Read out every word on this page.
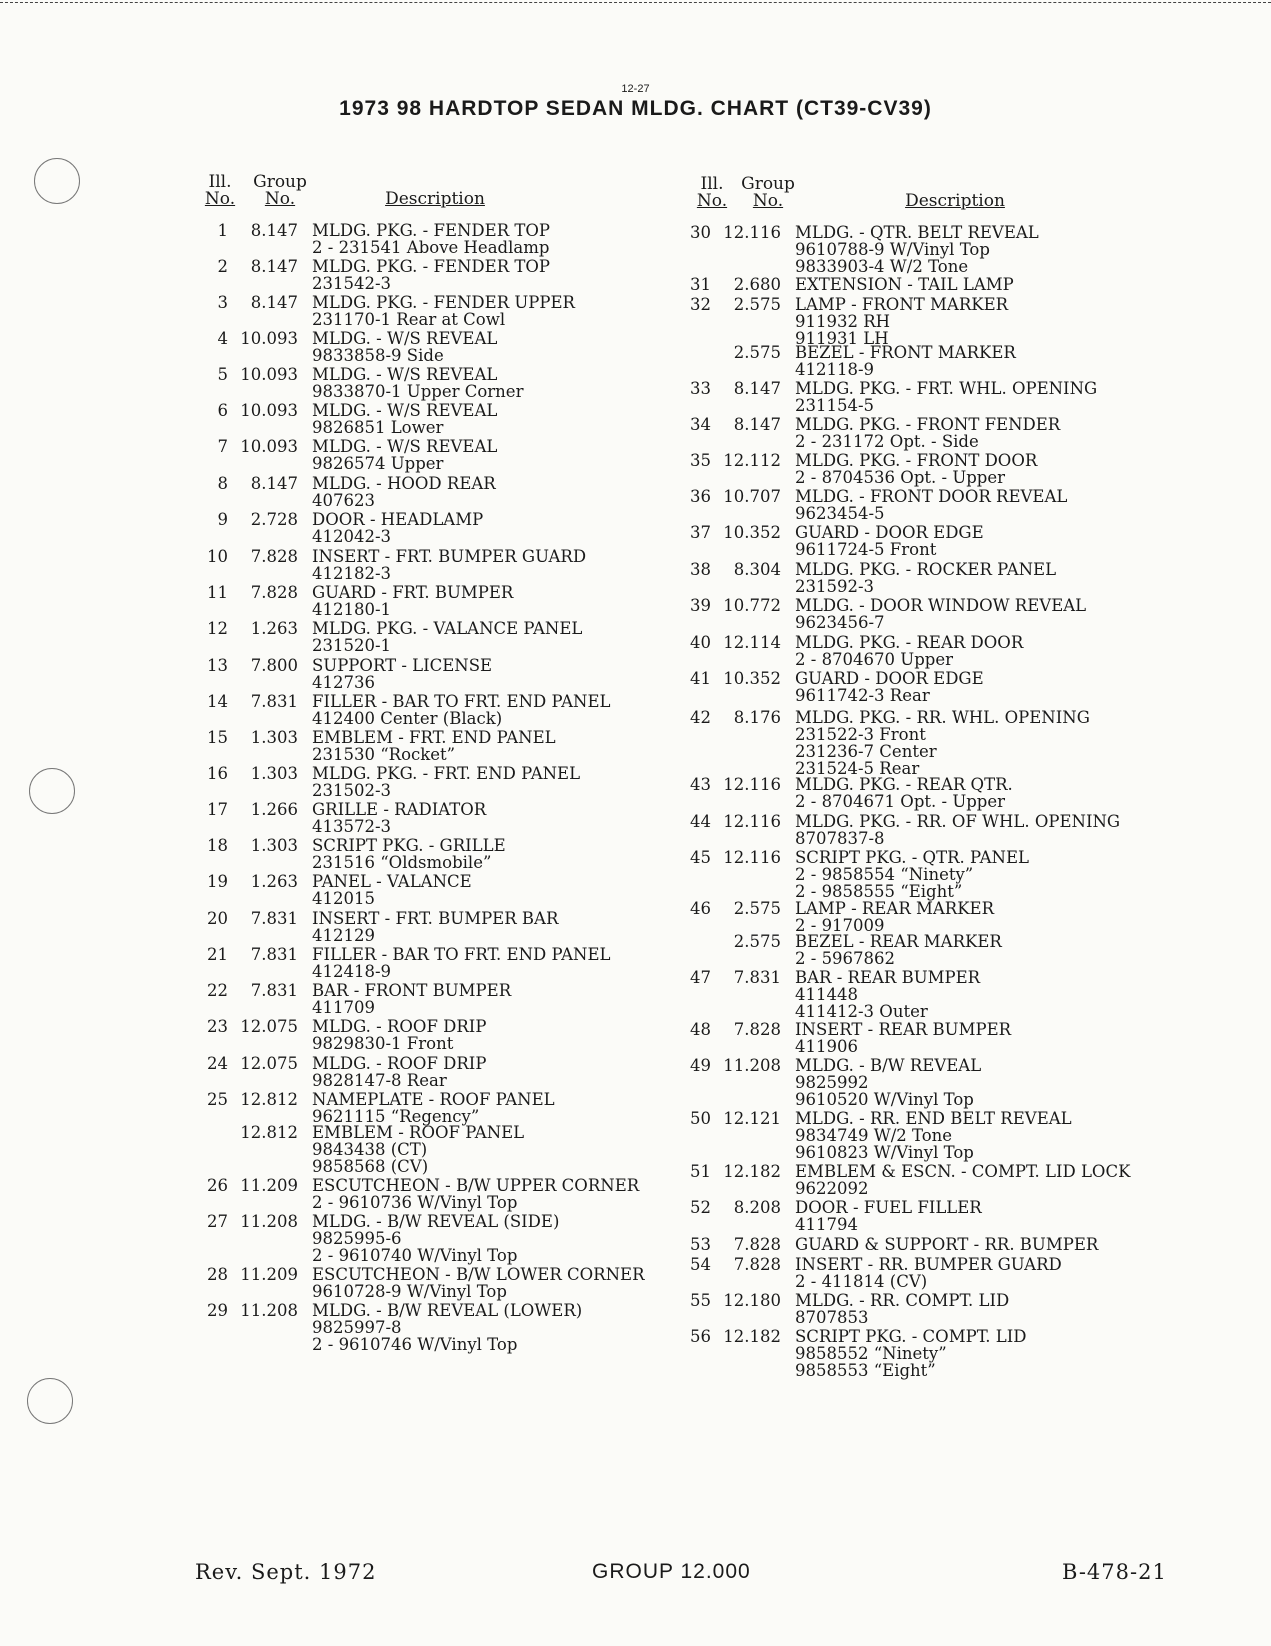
12-27
1973 98 HARDTOP SEDAN MLDG. CHART (CT39-CV39)
Ill.
No.
Group
No.	Description
Ill.
No.
Group
No.	Description
1	8.147 MLDG. PKG. - FENDER TOP
2 - 231541 Above Headlamp
2	8.147 MLDG. PKG. - FENDER TOP
231542-3
3	8.147 MLDG. PKG. - FENDER UPPER
231170-1 Rear at Cowl
4 10.093 MLDG. - W/S REVEAL
9833858-9 Side
5 10.093 MLDG. - W/S REVEAL
9833870-1 Upper Corner
6 10.093 MLDG. - W/S REVEAL
9826851 Lower
7 10.093 MLDG. - W/S REVEAL
9826574 Upper
8	8.147 MLDG. - HOOD REAR
407623
9	2.728 DOOR - HEADLAMP
412042-3
10	7.828 INSERT - FRT. BUMPER GUARD
412182-3
11	7.828 GUARD - FRT. BUMPER
412180-1
12	1.263 MLDG. PKG. - VALANCE PANEL
231520-1
13	7.800 SUPPORT - LICENSE
412736
14	7.831 FILLER - BAR TO FRT. END PANEL
412400 Center (Black)
15	1.303 EMBLEM - FRT. END PANEL
231530 “Rocket”
16	1.303 MLDG. PKG. - FRT. END PANEL
231502-3
17	1.266 GRILLE - RADIATOR
413572-3
18	1.303 SCRIPT PKG. - GRILLE
231516 “Oldsmobile”
19	1.263 PANEL - VALANCE
412015
20	7.831 INSERT - FRT. BUMPER BAR
412129
21	7.831 FILLER - BAR TO FRT. END PANEL
412418-9
22	7.831 BAR - FRONT BUMPER
411709
23 12.075 MLDG. - ROOF DRIP
9829830-1 Front
24 12.075 MLDG. - ROOF DRIP
9828147-8 Rear
25 12.812 NAMEPLATE - ROOF PANEL
9621115 “Regency”
12.812 EMBLEM - ROOF PANEL
9843438 (CT)
9858568 (CV)
26 11.209 ESCUTCHEON - B/W UPPER CORNER
2 - 9610736 W/Vinyl Top
27 11.208 MLDG. - B/W REVEAL (SIDE)
9825995-6
2 - 9610740 W/Vinyl Top
28 11.209 ESCUTCHEON - B/W LOWER CORNER
9610728-9 W/Vinyl Top
29 11.208 MLDG. - B/W REVEAL (LOWER)
9825997-8
2 - 9610746 W/Vinyl Top
30 12.116 MLDG. - QTR. BELT REVEAL
9610788-9 W/Vinyl Top
9833903-4 W/2 Tone
31	2.680 EXTENSION - TAIL LAMP
32	2.575 LAMP - FRONT MARKER
911932 RH
911931 LH
2.575 BEZEL - FRONT MARKER
412118-9
33	8.147 MLDG. PKG. - FRT. WHL. OPENING
231154-5
34	8.147 MLDG. PKG. - FRONT FENDER
2 - 231172 Opt. - Side
35 12.112 MLDG. PKG. - FRONT DOOR
2 - 8704536 Opt. - Upper
36 10.707 MLDG. - FRONT DOOR REVEAL
9623454-5
37 10.352 GUARD - DOOR EDGE
9611724-5 Front
38	8.304 MLDG. PKG. - ROCKER PANEL
231592-3
39 10.772 MLDG. - DOOR WINDOW REVEAL
9623456-7
40 12.114 MLDG. PKG. - REAR DOOR
2 - 8704670 Upper
41 10.352 GUARD - DOOR EDGE
9611742-3 Rear
42	8.176 MLDG. PKG. - RR. WHL. OPENING
231522-3 Front
231236-7 Center
231524-5 Rear
43 12.116 MLDG. PKG. - REAR QTR.
2 - 8704671 Opt. - Upper
44 12.116 MLDG. PKG. - RR. OF WHL. OPENING
8707837-8
45 12.116 SCRIPT PKG. - QTR. PANEL
2 - 9858554 “Ninety”
2 - 9858555 “Eight”
46	2.575 LAMP - REAR MARKER
2 - 917009
2.575 BEZEL - REAR MARKER
2 - 5967862
47	7.831 BAR - REAR BUMPER
411448
411412-3 Outer
48	7.828 INSERT - REAR BUMPER
411906
49 11.208 MLDG. - B/W REVEAL
9825992
9610520 W/Vinyl Top
50 12.121 MLDG. - RR. END BELT REVEAL
9834749 W/2 Tone
9610823 W/Vinyl Top
51 12.182 EMBLEM & ESCN. - COMPT. LID LOCK
9622092
52	8.208 DOOR - FUEL FILLER
411794
53	7.828 GUARD & SUPPORT - RR. BUMPER
54	7.828 INSERT - RR. BUMPER GUARD
2 - 411814 (CV)
55 12.180 MLDG. - RR. COMPT. LID
8707853
56 12.182 SCRIPT PKG. - COMPT. LID
9858552 “Ninety”
9858553 “Eight”
Rev. Sept. 1972	GROUP 12.000	B-478-21
